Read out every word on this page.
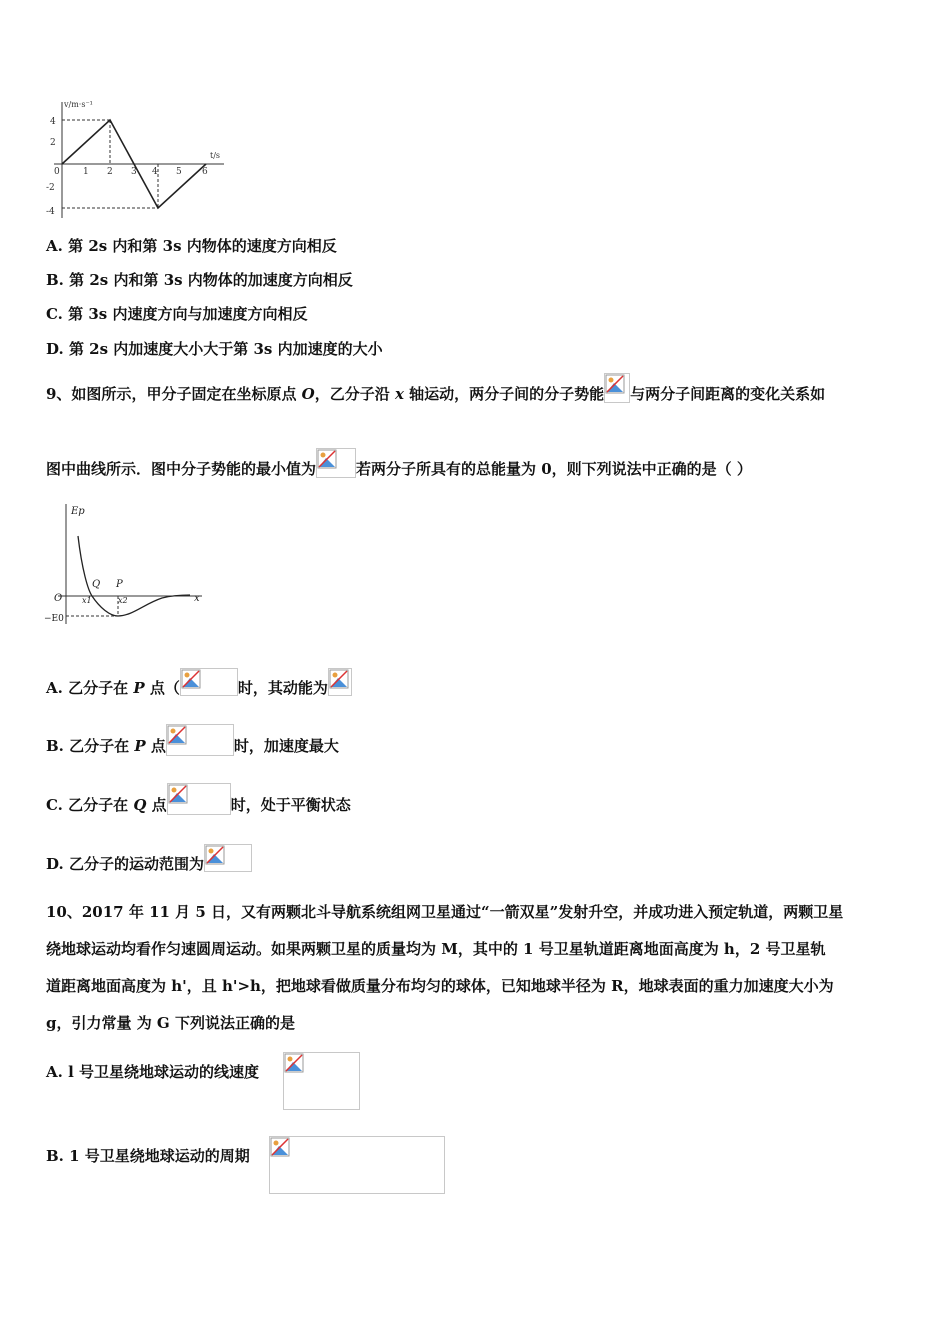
v/m·s⁻¹
t/s
4
2
-2
-4
0	1 2 3 4 5 6
A. 第 2s 内和第 3s 内物体的速度方向相反
B. 第 2s 内和第 3s 内物体的加速度方向相反
C. 第 3s 内速度方向与加速度方向相反
D. 第 2s 内加速度大小大于第 3s 内加速度的大小
9、如图所示，甲分子固定在坐标原点 O，乙分子沿 x 轴运动，两分子间的分子势能 与两分子间距离的变化关系如
图中曲线所示．图中分子势能的最小值为	若两分子所具有的总能量为 0，则下列说法中正确的是（ ）
Ep
x
O
Q P
x1	x2
−E0
A. 乙分子在 P 点（	时，其动能为
B. 乙分子在 P 点	时，加速度最大
C. 乙分子在 Q 点	时，处于平衡状态
D. 乙分子的运动范围为
10、2017 年 11 月 5 日，又有两颗北斗导航系统组网卫星通过“一箭双星”发射升空，并成功进入预定轨道，两颗卫星
绕地球运动均看作匀速圆周运动。如果两颗卫星的质量均为 M，其中的 1 号卫星轨道距离地面高度为 h，2 号卫星轨
道距离地面高度为 h'，且 h'>h，把地球看做质量分布均匀的球体，已知地球半径为 R，地球表面的重力加速度大小为
g，引力常量 为 G 下列说法正确的是
A. l 号卫星绕地球运动的线速度
B. 1 号卫星绕地球运动的周期
